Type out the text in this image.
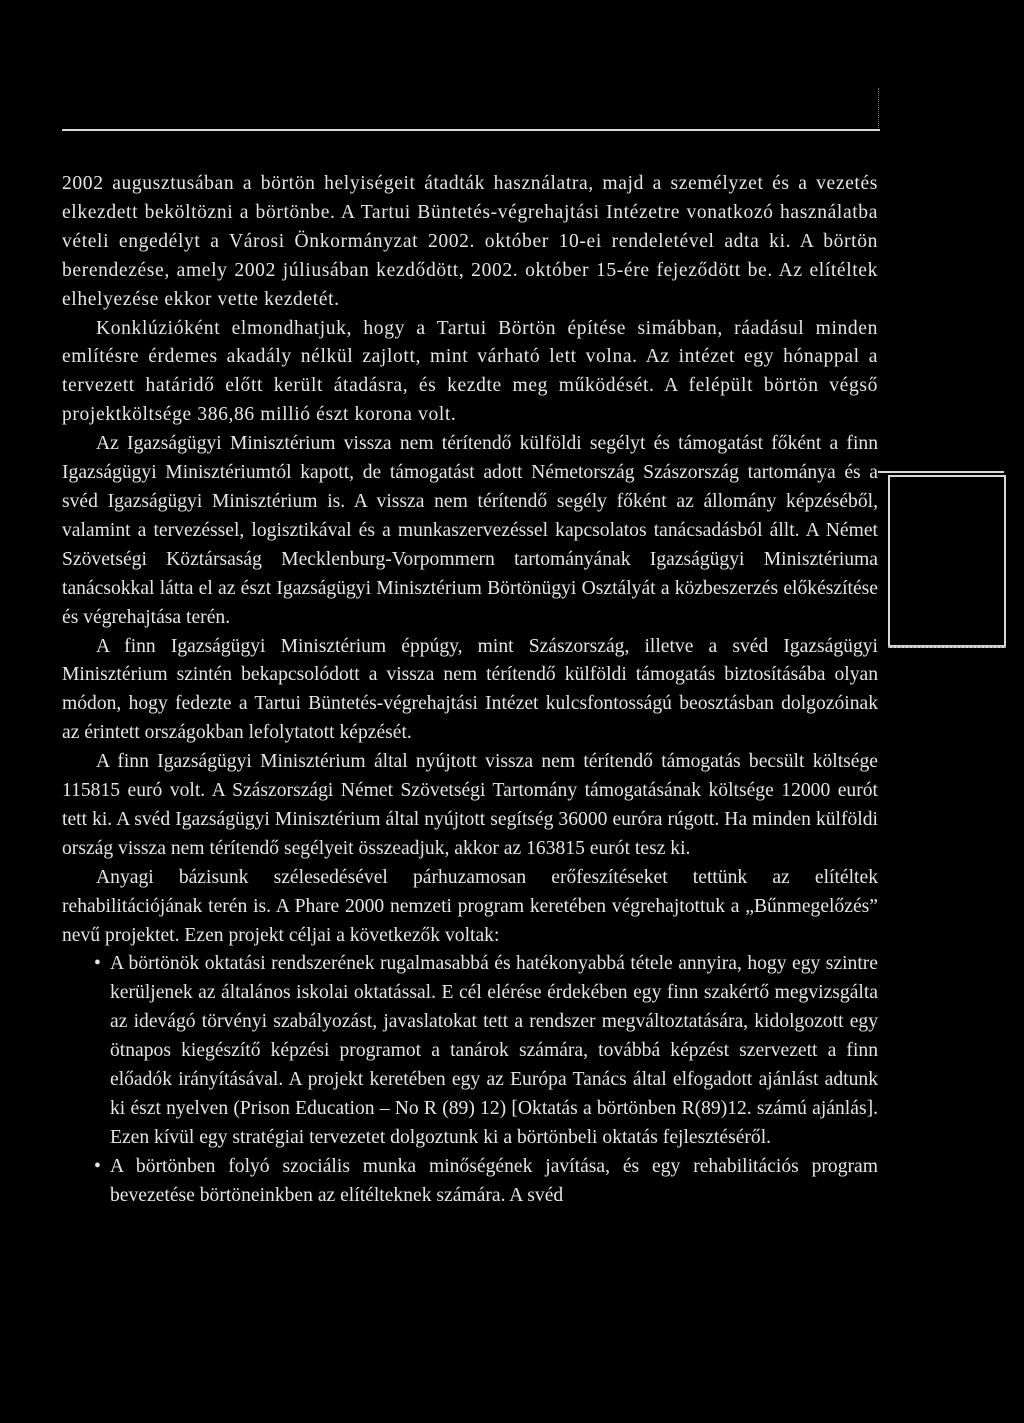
2002 augusztusában a börtön helyiségeit átadták használatra, majd a személyzet és a vezetés elkezdett beköltözni a börtönbe. A Tartui Büntetés-végrehajtási Intézetre vonatkozó használatba vételi engedélyt a Városi Önkormányzat 2002. október 10-ei rendeletével adta ki. A börtön berendezése, amely 2002 júliusában kezdődött, 2002. október 15-ére fejeződött be. Az elítéltek elhelyezése ekkor vette kezdetét.

Konklúzióként elmondhatjuk, hogy a Tartui Börtön építése simábban, ráadásul minden említésre érdemes akadály nélkül zajlott, mint várható lett volna. Az intézet egy hónappal a tervezett határidő előtt került átadásra, és kezdte meg működését. A felépült börtön végső projektköltsége 386,86 millió észt korona volt.

Az Igazságügyi Minisztérium vissza nem térítendő külföldi segélyt és támogatást főként a finn Igazságügyi Minisztériumtól kapott, de támogatást adott Németország Szászország tartománya és a svéd Igazságügyi Minisztérium is. A vissza nem térítendő segély főként az állomány képzéséből, valamint a tervezéssel, logisztikával és a munkaszervezéssel kapcsolatos tanácsadásból állt. A Német Szövetségi Köztársaság Mecklenburg-Vorpommern tartományának Igazságügyi Minisztériuma tanácsokkal látta el az észt Igazságügyi Minisztérium Börtönügyi Osztályát a közbeszerzés előkészítése és végrehajtása terén.

A finn Igazságügyi Minisztérium éppúgy, mint Szászország, illetve a svéd Igazságügyi Minisztérium szintén bekapcsolódott a vissza nem térítendő külföldi támogatás biztosításába olyan módon, hogy fedezte a Tartui Büntetés-végrehajtási Intézet kulcsfontosságú beosztásban dolgozóinak az érintett országokban lefolytatott képzését.

A finn Igazságügyi Minisztérium által nyújtott vissza nem térítendő támogatás becsült költsége 115815 euró volt. A Szászországi Német Szövetségi Tartomány támogatásának költsége 12000 eurót tett ki. A svéd Igazságügyi Minisztérium által nyújtott segítség 36000 euróra rúgott. Ha minden külföldi ország vissza nem térítendő segélyeit összeadjuk, akkor az 163815 eurót tesz ki.

Anyagi bázisunk szélesedésével párhuzamosan erőfeszítéseket tettünk az elítéltek rehabilitációjának terén is. A Phare 2000 nemzeti program keretében végrehajtottuk a „Bűnmegelőzés” nevű projektet. Ezen projekt céljai a következők voltak:

• A börtönök oktatási rendszerének rugalmasabbá és hatékonyabbá tétele annyira, hogy egy szintre kerüljenek az általános iskolai oktatással. E cél elérése érdekében egy finn szakértő megvizsgálta az idevágó törvényi szabályozást, javaslatokat tett a rendszer megváltoztatására, kidolgozott egy ötnapos kiegészítő képzési programot a tanárok számára, továbbá képzést szervezett a finn előadók irányításával. A projekt keretében egy az Európa Tanács által elfogadott ajánlást adtunk ki észt nyelven (Prison Education – No R (89) 12) [Oktatás a börtönben R(89)12. számú ajánlás]. Ezen kívül egy stratégiai tervezetet dolgoztunk ki a börtönbeli oktatás fejlesztéséről.
• A börtönben folyó szociális munka minőségének javítása, és egy rehabilitációs program bevezetése börtöneinkben az elítélteknek számára. A svéd
